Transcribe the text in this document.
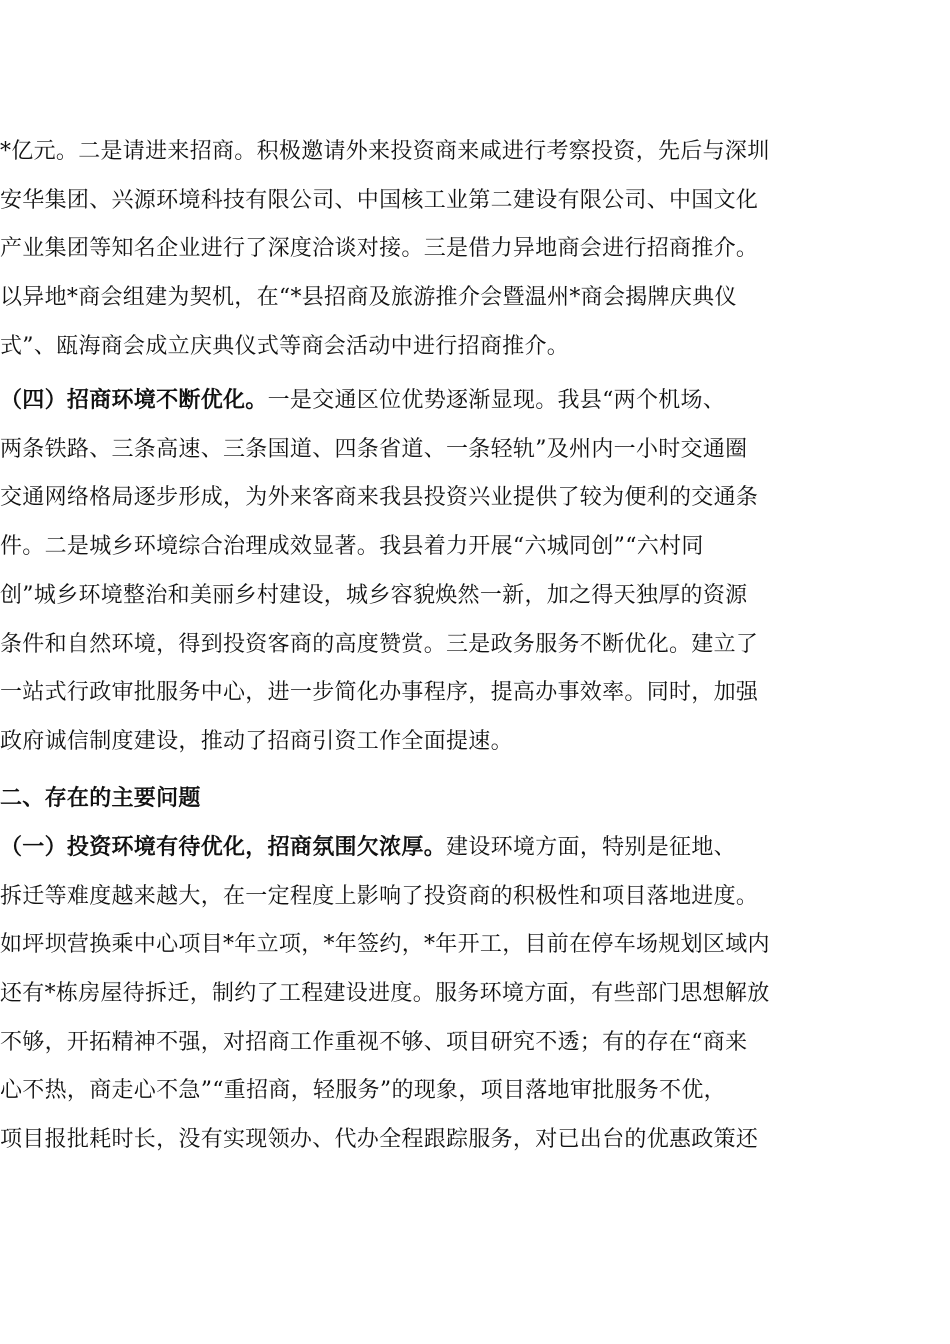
*亿元。二是请进来招商。积极邀请外来投资商来咸进行考察投资，先后与深圳
安华集团、兴源环境科技有限公司、中国核工业第二建设有限公司、中国文化
产业集团等知名企业进行了深度洽谈对接。三是借力异地商会进行招商推介。
以异地*商会组建为契机，在“*县招商及旅游推介会暨温州*商会揭牌庆典仪
式”、瓯海商会成立庆典仪式等商会活动中进行招商推介。
（四）招商环境不断优化。一是交通区位优势逐渐显现。我县“两个机场、
两条铁路、三条高速、三条国道、四条省道、一条轻轨”及州内一小时交通圈
交通网络格局逐步形成，为外来客商来我县投资兴业提供了较为便利的交通条
件。二是城乡环境综合治理成效显著。我县着力开展“六城同创”“六村同
创”城乡环境整治和美丽乡村建设，城乡容貌焕然一新，加之得天独厚的资源
条件和自然环境，得到投资客商的高度赞赏。三是政务服务不断优化。建立了
一站式行政审批服务中心，进一步简化办事程序，提高办事效率。同时，加强
政府诚信制度建设，推动了招商引资工作全面提速。
二、存在的主要问题
（一）投资环境有待优化，招商氛围欠浓厚。建设环境方面，特别是征地、
拆迁等难度越来越大，在一定程度上影响了投资商的积极性和项目落地进度。
如坪坝营换乘中心项目*年立项，*年签约，*年开工，目前在停车场规划区域内
还有*栋房屋待拆迁，制约了工程建设进度。服务环境方面，有些部门思想解放
不够，开拓精神不强，对招商工作重视不够、项目研究不透；有的存在“商来
心不热，商走心不急”“重招商，轻服务”的现象，项目落地审批服务不优，
项目报批耗时长，没有实现领办、代办全程跟踪服务，对已出台的优惠政策还
